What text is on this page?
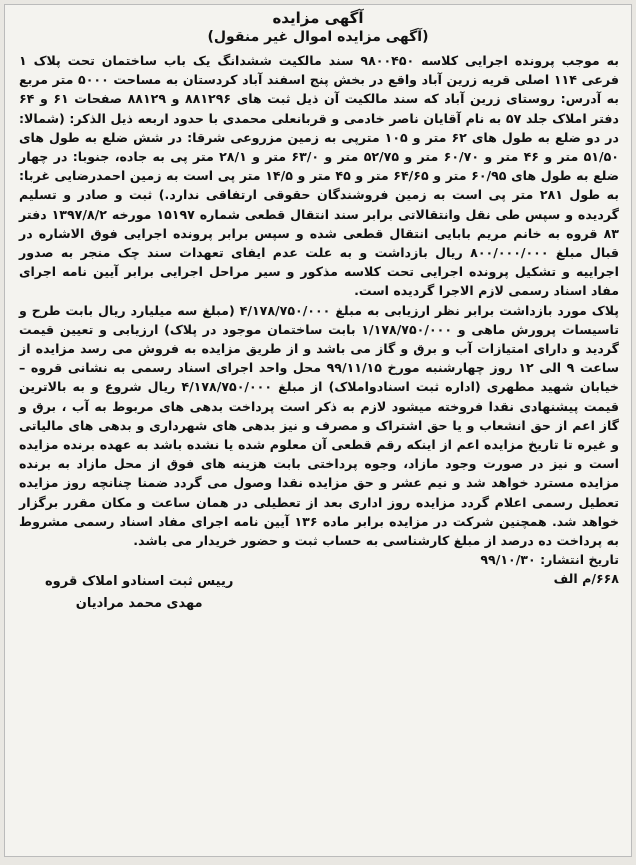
آگهی مزایده
(آگهی مزایده اموال غیر منقول)

به موجب پرونده اجرایی کلاسه ۹۸۰۰۴۵۰ سند مالکیت ششدانگ یک باب ساختمان تحت پلاک ۱ فرعی ۱۱۴ اصلی قریه زرین آباد واقع در بخش پنج اسفند آباد کردستان به مساحت ۵۰۰۰ متر مربع به آدرس: روستای زرین آباد که سند مالکیت آن ذیل ثبت های ۸۸۱۲۹۶ و ۸۸۱۲۹ صفحات ۶۱ و ۶۴ دفتر املاک جلد ۵۷ به نام آقایان ناصر خادمی و قربانعلی محمدی با حدود اربعه ذیل الذکر: (شمالا: در دو ضلع به طول های ۶۲ متر و ۱۰۵ مترپی به زمین مزروعی شرقا: در شش ضلع به طول های ۵۱/۵۰ متر و ۴۶ متر و ۶۰/۷۰ متر و ۵۲/۷۵ متر و ۶۳/۰ متر و ۲۸/۱ متر پی به جاده، جنوبا: در چهار ضلع به طول های ۶۰/۹۵ متر و ۶۴/۶۵ متر و ۴۵ متر و ۱۴/۵ متر پی است به زمین احمدرضایی غربا: به طول ۲۸۱ متر پی است به زمین فروشندگان حقوقی ارتفاقی ندارد.) ثبت و صادر و تسلیم گردیده و سپس طی نقل وانتقالاتی برابر سند انتقال قطعی شماره ۱۵۱۹۷ مورخه ۱۳۹۷/۸/۲ دفتر ۸۳ قروه به خانم مریم بابایی انتقال قطعی شده و سپس برابر پرونده اجرایی فوق الاشاره در قبال مبلغ ۸۰۰/۰۰۰/۰۰۰ ریال بازداشت و به علت عدم ایفای تعهدات سند چک منجر به صدور اجراییه و تشکیل پرونده اجرایی تحت کلاسه مذکور و سیر مراحل اجرایی برابر آیین نامه اجرای مفاد اسناد رسمی لازم الاجرا گردیده است.

پلاک مورد بازداشت برابر نظر ارزیابی به مبلغ ۴/۱۷۸/۷۵۰/۰۰۰ (مبلغ سه میلیارد ریال بابت طرح و تاسیسات پرورش ماهی و ۱/۱۷۸/۷۵۰/۰۰۰ بابت ساختمان موجود در پلاک) ارزیابی و تعیین قیمت گردید و دارای امتیازات آب و برق و گاز می باشد و از طریق مزایده به فروش می رسد مزایده از ساعت ۹ الی ۱۲ روز چهارشنبه مورخ ۹۹/۱۱/۱۵ محل واحد اجرای اسناد رسمی به نشانی قروه – خیابان شهید مطهری (اداره ثبت اسنادواملاک) از مبلغ ۴/۱۷۸/۷۵۰/۰۰۰ ریال شروع و به بالاترین قیمت پیشنهادی نقدا فروخته میشود لازم به ذکر است پرداخت بدهی های مربوط به آب ، برق و گاز اعم از حق انشعاب و یا حق اشتراک و مصرف و نیز بدهی های شهرداری و بدهی های مالیاتی و غیره تا تاریخ مزایده اعم از اینکه رقم قطعی آن معلوم شده یا نشده باشد به عهده برنده مزایده است و نیز در صورت وجود مازاد، وجوه پرداختی بابت هزینه های فوق از محل مازاد به برنده مزایده مسترد خواهد شد و نیم عشر و حق مزایده نقدا وصول می گردد ضمنا چنانچه روز مزایده تعطیل رسمی اعلام گردد مزایده روز اداری بعد از تعطیلی در همان ساعت و مکان مقرر برگزار خواهد شد. همچنین شرکت در مزایده برابر ماده ۱۳۶ آیین نامه اجرای مفاد اسناد رسمی مشروط به پرداخت ده درصد از مبلغ کارشناسی به حساب ثبت و حضور خریدار می باشد.

تاریخ انتشار: ۹۹/۱۰/۳۰
۶۶۸/م الف
رییس ثبت اسنادو املاک قروه
مهدی محمد مرادیان
